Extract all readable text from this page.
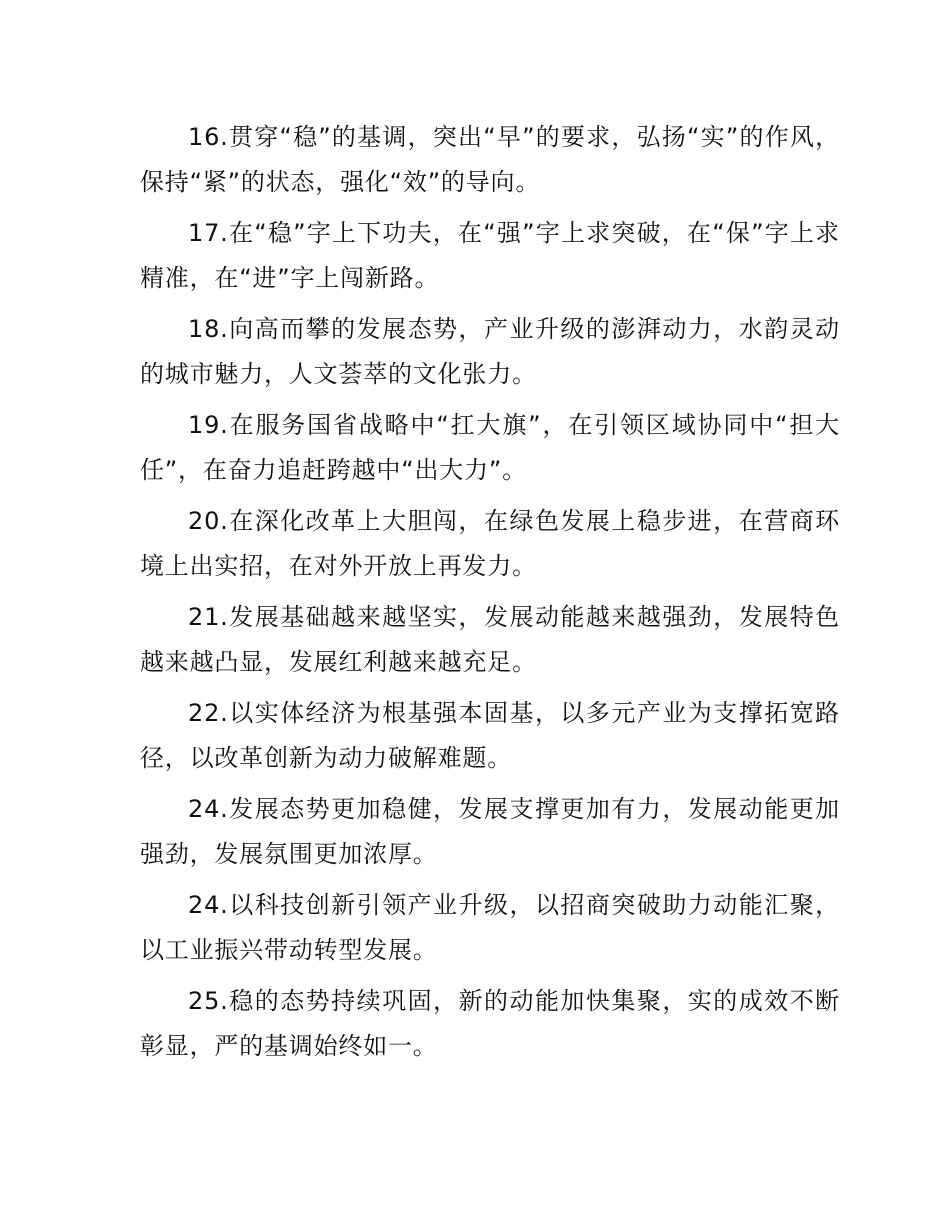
16.贯穿“稳”的基调，突出“早”的要求，弘扬“实”的作风，保持“紧”的状态，强化“效”的导向。

17.在“稳”字上下功夫，在“强”字上求突破，在“保”字上求精准，在“进”字上闯新路。

18.向高而攀的发展态势，产业升级的澎湃动力，水韵灵动的城市魅力，人文荟萃的文化张力。

19.在服务国省战略中“扛大旗”，在引领区域协同中“担大任”，在奋力追赶跨越中“出大力”。

20.在深化改革上大胆闯，在绿色发展上稳步进，在营商环境上出实招，在对外开放上再发力。

21.发展基础越来越坚实，发展动能越来越强劲，发展特色越来越凸显，发展红利越来越充足。

22.以实体经济为根基强本固基，以多元产业为支撑拓宽路径，以改革创新为动力破解难题。

24.发展态势更加稳健，发展支撑更加有力，发展动能更加强劲，发展氛围更加浓厚。

24.以科技创新引领产业升级，以招商突破助力动能汇聚，以工业振兴带动转型发展。

25.稳的态势持续巩固，新的动能加快集聚，实的成效不断彰显，严的基调始终如一。
